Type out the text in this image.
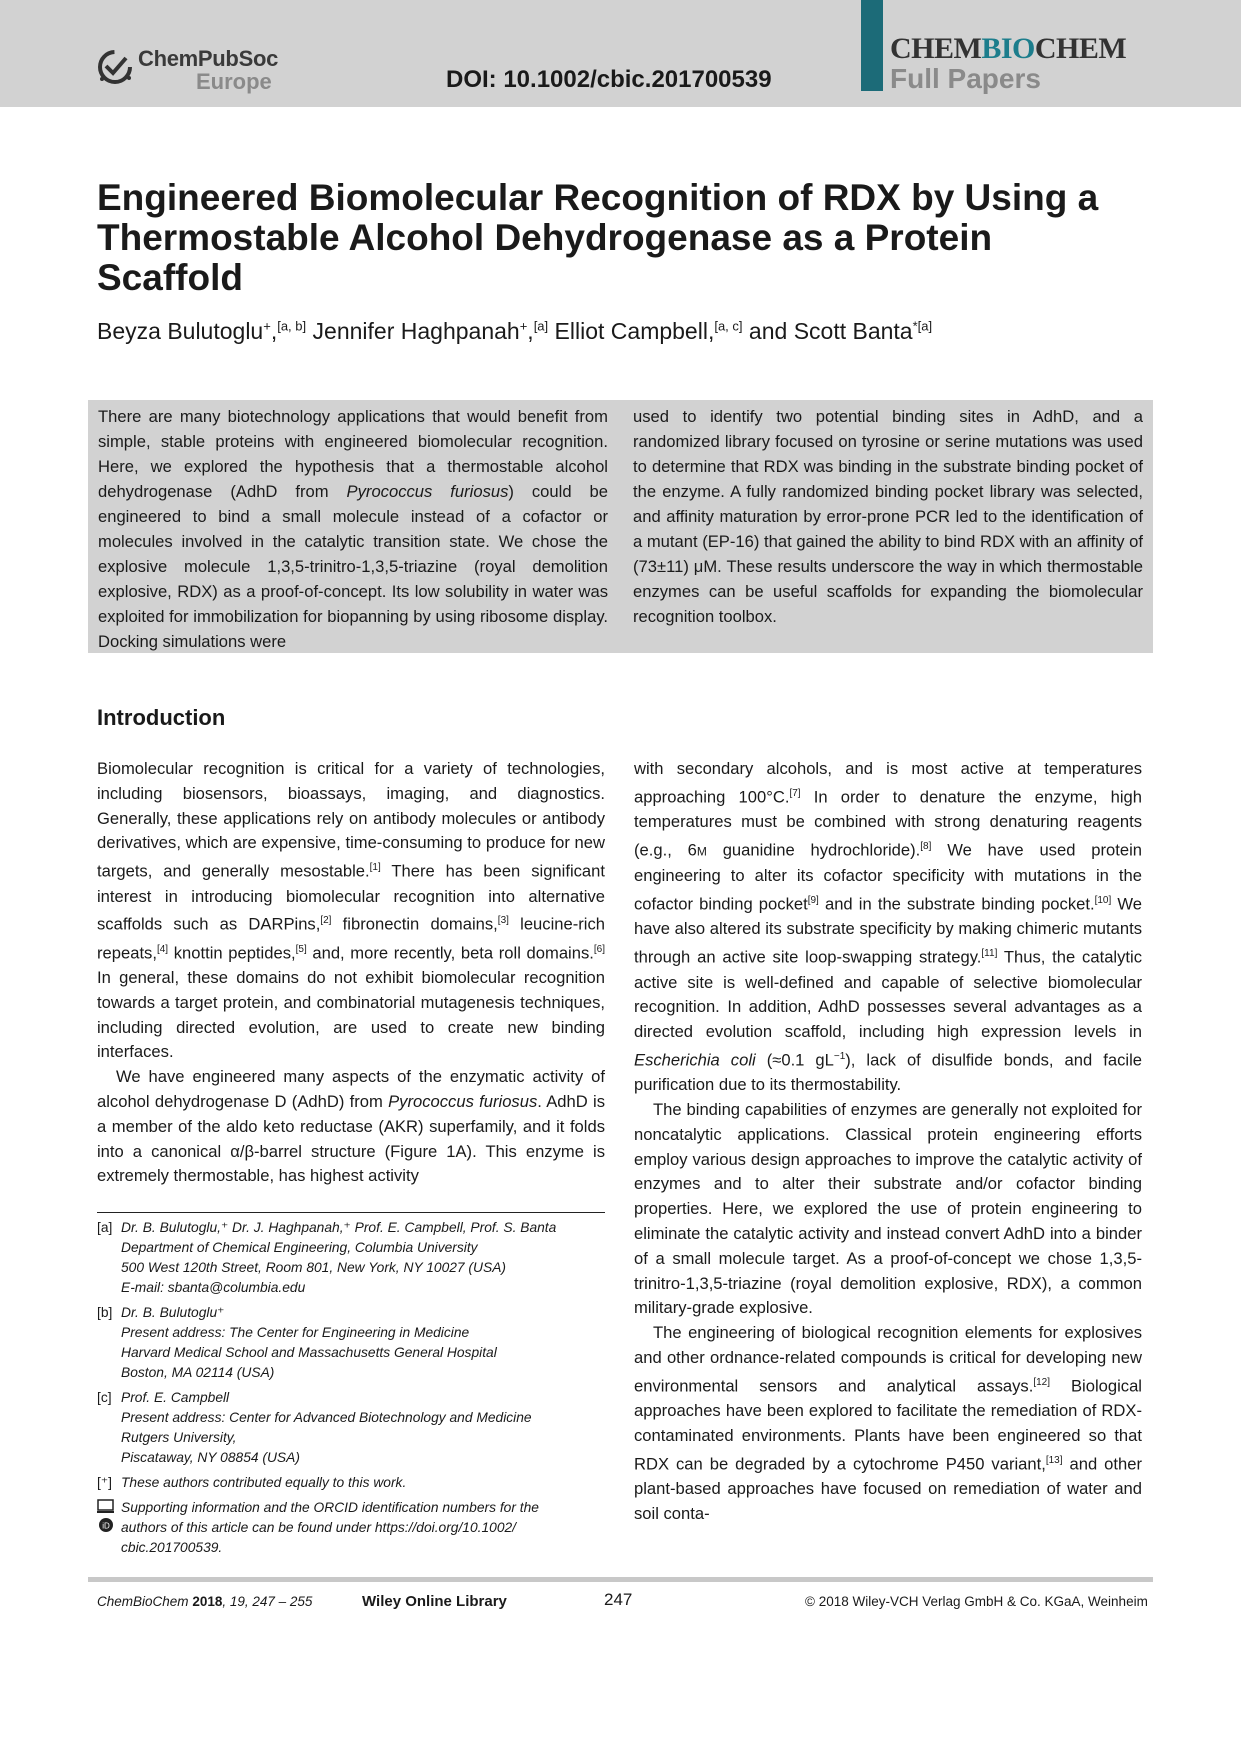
ChemPubSoc
Europe	DOI: 10.1002/cbic.201700539
CHEMBIOCHEM
Full Papers
Engineered Biomolecular Recognition of RDX by Using a Thermostable Alcohol Dehydrogenase as a Protein Scaffold
Beyza Bulutoglu+,[a, b] Jennifer Haghpanah+,[a] Elliot Campbell,[a, c] and Scott Banta$^{*[a]}$
There are many biotechnology applications that would benefit from simple, stable proteins with engineered biomolecular recognition. Here, we explored the hypothesis that a thermostable alcohol dehydrogenase (AdhD from Pyrococcus furiosus) could be engineered to bind a small molecule instead of a cofactor or molecules involved in the catalytic transition state. We chose the explosive molecule 1,3,5-trinitro-1,3,5-triazine (royal demolition explosive, RDX) as a proof-of-concept. Its low solubility in water was exploited for immobilization for biopanning by using ribosome display. Docking simulations were
used to identify two potential binding sites in AdhD, and a randomized library focused on tyrosine or serine mutations was used to determine that RDX was binding in the substrate binding pocket of the enzyme. A fully randomized binding pocket library was selected, and affinity maturation by error-prone PCR led to the identification of a mutant (EP-16) that gained the ability to bind RDX with an affinity of (73±11) μM. These results underscore the way in which thermostable enzymes can be useful scaffolds for expanding the biomolecular recognition toolbox.
Introduction

Biomolecular recognition is critical for a variety of technologies, including biosensors, bioassays, imaging, and diagnostics. Generally, these applications rely on antibody molecules or antibody derivatives, which are expensive, time-consuming to produce for new targets, and generally mesostable.[1] There has been significant interest in introducing biomolecular recognition into alternative scaffolds such as DARPins,[2] fibronectin domains,[3] leucine-rich repeats,[4] knottin peptides,[5] and, more recently, beta roll domains.[6] In general, these domains do not exhibit biomolecular recognition towards a target protein, and combinatorial mutagenesis techniques, including directed evolution, are used to create new binding interfaces.

We have engineered many aspects of the enzymatic activity of alcohol dehydrogenase D (AdhD) from Pyrococcus furiosus. AdhD is a member of the aldo keto reductase (AKR) superfamily, and it folds into a canonical α/β-barrel structure (Figure 1A). This enzyme is extremely thermostable, has highest activity

with secondary alcohols, and is most active at temperatures approaching 100°C.[7] In order to denature the enzyme, high temperatures must be combined with strong denaturing reagents (e.g., 6M guanidine hydrochloride).[8] We have used protein engineering to alter its cofactor specificity with mutations in the cofactor binding pocket[9] and in the substrate binding pocket.[10] We have also altered its substrate specificity by making chimeric mutants through an active site loop-swapping strategy.[11] Thus, the catalytic active site is well-defined and capable of selective biomolecular recognition. In addition, AdhD possesses several advantages as a directed evolution scaffold, including high expression levels in Escherichia coli (≈0.1 $gL^{-1}$), lack of disulfide bonds, and facile purification due to its thermostability.

The binding capabilities of enzymes are generally not exploited for noncatalytic applications. Classical protein engineering efforts employ various design approaches to improve the catalytic activity of enzymes and to alter their substrate and/or cofactor binding properties. Here, we explored the use of protein engineering to eliminate the catalytic activity and instead convert AdhD into a binder of a small molecule target. As a proof-of-concept we chose 1,3,5-trinitro-1,3,5-triazine (royal demolition explosive, RDX), a common military-grade explosive.

The engineering of biological recognition elements for explosives and other ordnance-related compounds is critical for developing new environmental sensors and analytical assays.[12] Biological approaches have been explored to facilitate the remediation of RDX-contaminated environments. Plants have been engineered so that RDX can be degraded by a cytochrome P450 variant,[13] and other plant-based approaches have focused on remediation of water and soil conta-

[a] Dr. B. Bulutoglu,⁺ Dr. J. Haghpanah,⁺ Prof. E. Campbell, Prof. S. Banta
Department of Chemical Engineering, Columbia University
500 West 120th Street, Room 801, New York, NY 10027 (USA)
E-mail: sbanta@columbia.edu
[b] Dr. B. Bulutoglu⁺
Present address: The Center for Engineering in Medicine
Harvard Medical School and Massachusetts General Hospital
Boston, MA 02114 (USA)
[c] Prof. E. Campbell
Present address: Center for Advanced Biotechnology and Medicine
Rutgers University,
Piscataway, NY 08854 (USA)
[⁺] These authors contributed equally to this work.
iD
Supporting information and the ORCID identification numbers for the
authors of this article can be found under https://doi.org/10.1002/
cbic.201700539.
ChemBioChem 2018, 19, 247 – 255	Wiley Online Library	247	© 2018 Wiley-VCH Verlag GmbH & Co. KGaA, Weinheim
